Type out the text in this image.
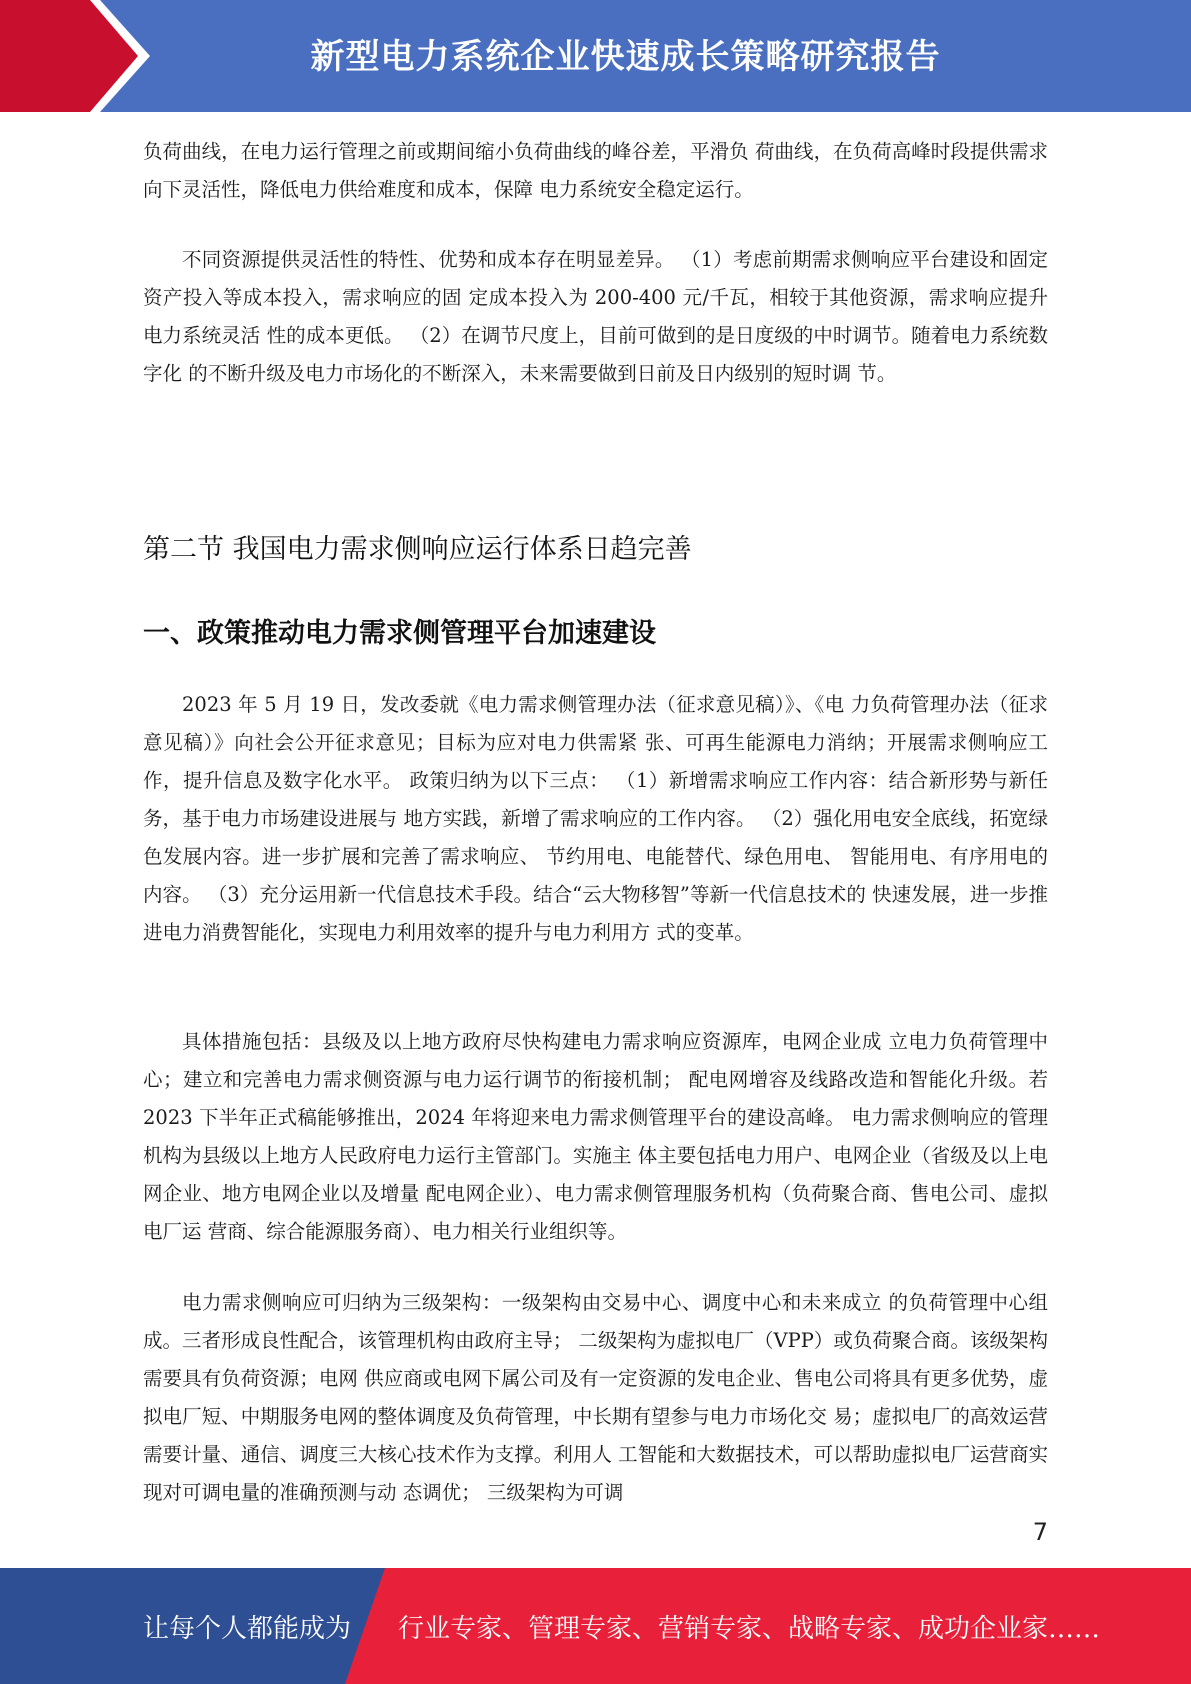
新型电力系统企业快速成长策略研究报告

负荷曲线，在电力运行管理之前或期间缩小负荷曲线的峰谷差，平滑负 荷曲线，在负荷高峰时段提供需求向下灵活性，降低电力供给难度和成本，保障 电力系统安全稳定运行。

不同资源提供灵活性的特性、优势和成本存在明显差异。 （1）考虑前期需求侧响应平台建设和固定资产投入等成本投入，需求响应的固 定成本投入为 200-400 元/千瓦，相较于其他资源，需求响应提升电力系统灵活 性的成本更低。 （2）在调节尺度上，目前可做到的是日度级的中时调节。随着电力系统数字化 的不断升级及电力市场化的不断深入，未来需要做到日前及日内级别的短时调 节。

第二节 我国电力需求侧响应运行体系日趋完善
一、政策推动电力需求侧管理平台加速建设

2023 年 5 月 19 日，发改委就《电力需求侧管理办法（征求意见稿）》、《电 力负荷管理办法（征求意见稿）》向社会公开征求意见；目标为应对电力供需紧 张、可再生能源电力消纳；开展需求侧响应工作，提升信息及数字化水平。 政策归纳为以下三点： （1）新增需求响应工作内容：结合新形势与新任务，基于电力市场建设进展与 地方实践，新增了需求响应的工作内容。 （2）强化用电安全底线，拓宽绿色发展内容。进一步扩展和完善了需求响应、 节约用电、电能替代、绿色用电、 智能用电、有序用电的内容。 （3）充分运用新一代信息技术手段。结合“云大物移智”等新一代信息技术的 快速发展，进一步推进电力消费智能化，实现电力利用效率的提升与电力利用方 式的变革。

具体措施包括：县级及以上地方政府尽快构建电力需求响应资源库，电网企业成 立电力负荷管理中心；建立和完善电力需求侧资源与电力运行调节的衔接机制； 配电网增容及线路改造和智能化升级。若 2023 下半年正式稿能够推出，2024 年将迎来电力需求侧管理平台的建设高峰。 电力需求侧响应的管理机构为县级以上地方人民政府电力运行主管部门。实施主 体主要包括电力用户、电网企业（省级及以上电网企业、地方电网企业以及增量 配电网企业）、电力需求侧管理服务机构（负荷聚合商、售电公司、虚拟电厂运 营商、综合能源服务商）、电力相关行业组织等。

电力需求侧响应可归纳为三级架构：一级架构由交易中心、调度中心和未来成立 的负荷管理中心组成。三者形成良性配合，该管理机构由政府主导； 二级架构为虚拟电厂（VPP）或负荷聚合商。该级架构需要具有负荷资源；电网 供应商或电网下属公司及有一定资源的发电企业、售电公司将具有更多优势，虚 拟电厂短、中期服务电网的整体调度及负荷管理，中长期有望参与电力市场化交 易；虚拟电厂的高效运营需要计量、通信、调度三大核心技术作为支撑。利用人 工智能和大数据技术，可以帮助虚拟电厂运营商实现对可调电量的准确预测与动 态调优； 三级架构为可调

7
让每个人都能成为 行业专家、管理专家、营销专家、战略专家、成功企业家……
